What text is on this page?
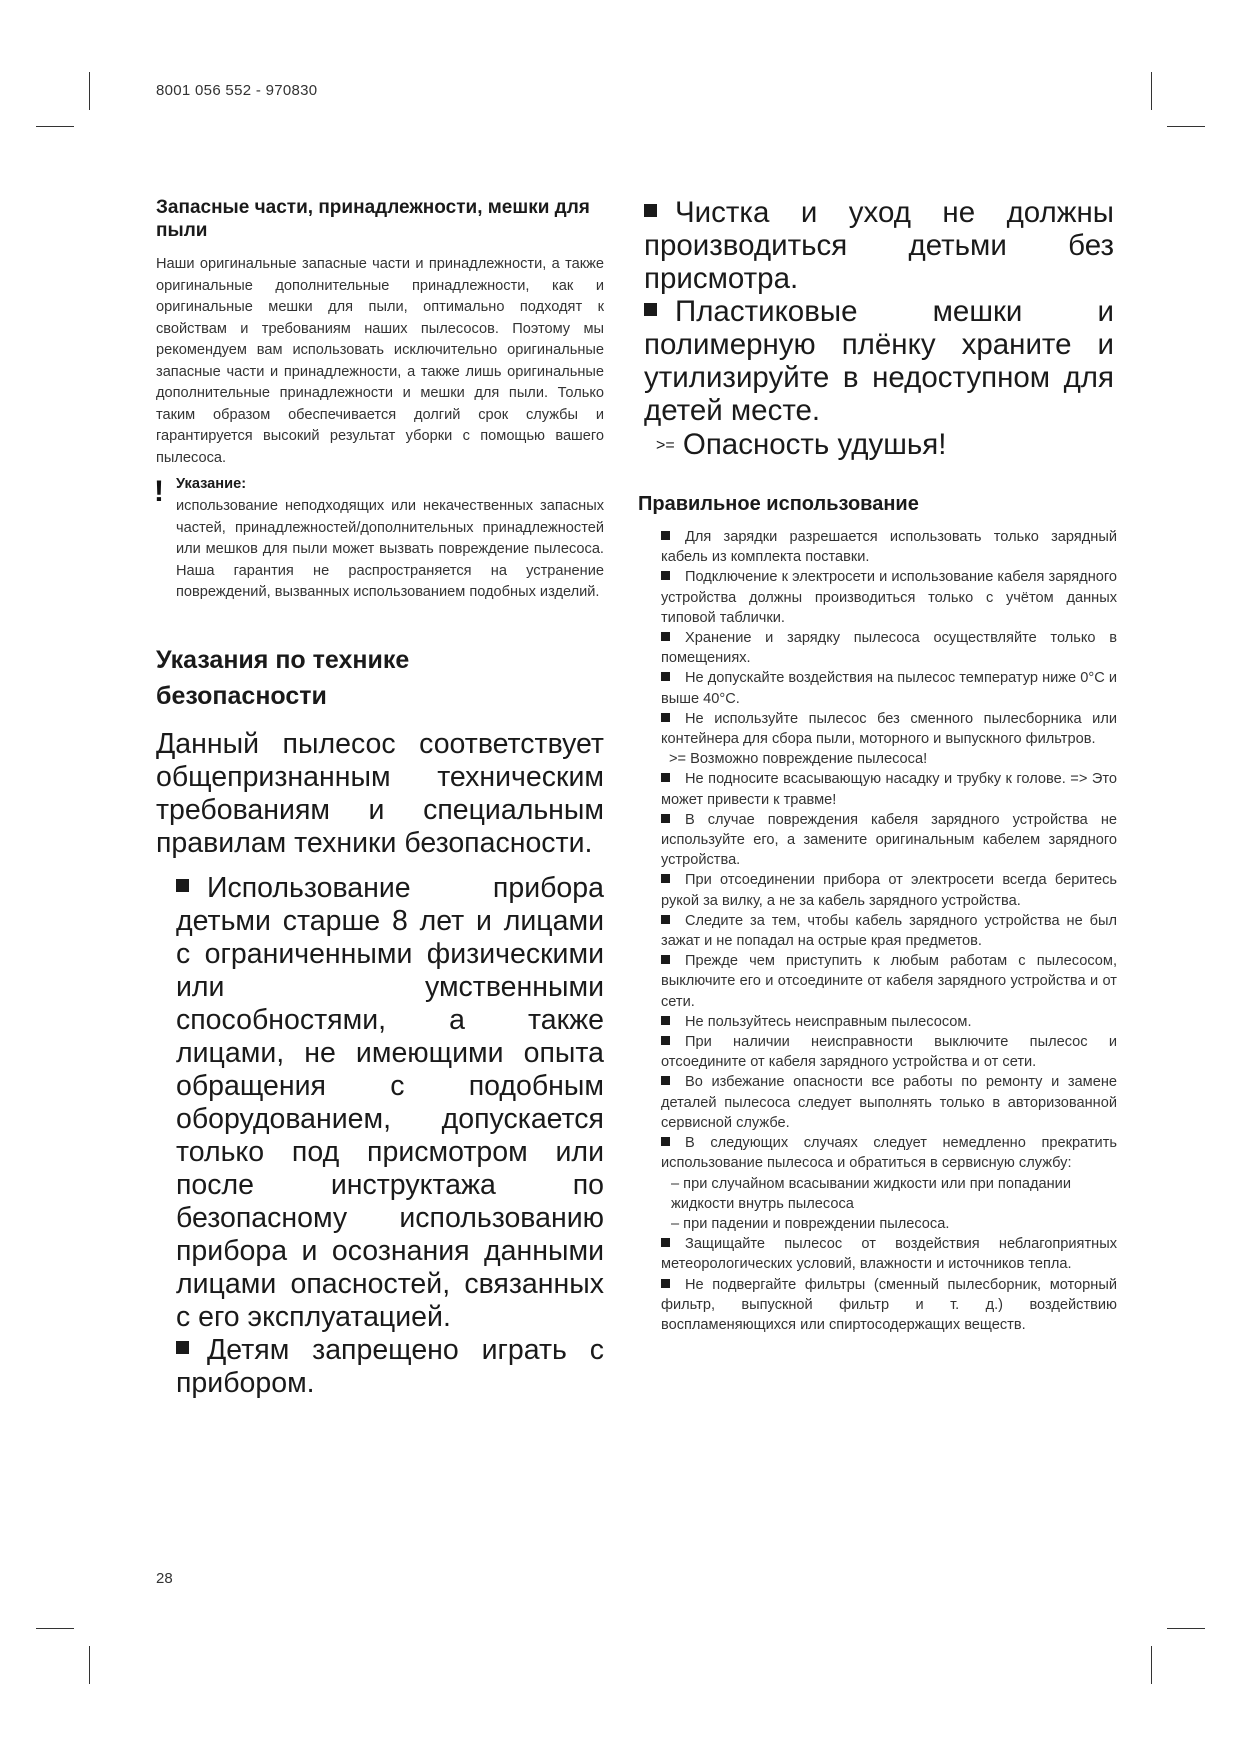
8001 056 552 - 970830
Запасные части, принадлежности, мешки для пыли

Наши оригинальные запасные части и принадлежности, а также оригинальные дополнительные принадлежности, как и оригинальные мешки для пыли, оптимально подходят к свойствам и требованиям наших пылесосов. Поэтому мы рекомендуем вам использовать исключительно оригинальные запасные части и принадлежности, а также лишь оригинальные дополнительные принадлежности и мешки для пыли. Только таким образом обеспечивается долгий срок службы и гарантируется высокий результат уборки с помощью вашего пылесоса.

! Указание:

использование неподходящих или некачественных запасных частей, принадлежностей/дополнительных принадлежностей или мешков для пыли может вызвать повреждение пылесоса. Наша гарантия не распространяется на устранение повреждений, вызванных использованием подобных изделий.

Указания по технике
безопасности

Данный пылесос соответствует общепризнанным техническим требованиям и специальным правилам техники безопасности.

Использование прибора детьми старше 8 лет и лицами с ограниченными физическими или умственными способностями, а также лицами, не имеющими опыта обращения с подобным оборудованием, допускается только под присмотром или после инструктажа по безопасному использованию прибора и осознания данными лицами опасностей, связанных с его эксплуатацией.

Детям запрещено играть с прибором.

Чистка и уход не должны производиться детьми без присмотра.

Пластиковые мешки и полимерную плёнку храните и утилизируйте в недоступном для детей месте.

>= Опасность удушья!

Правильное использование

Для зарядки разрешается использовать только зарядный кабель из комплекта поставки.

Подключение к электросети и использование кабеля зарядного устройства должны производиться только с учётом данных типовой таблички.

Хранение и зарядку пылесоса осуществляйте только в помещениях.

Не допускайте воздействия на пылесос температур ниже 0°С и выше 40°С.

Не используйте пылесос без сменного пылесборника или контейнера для сбора пыли, моторного и выпускного фильтров.

>= Возможно повреждение пылесоса!

Не подносите всасывающую насадку и трубку к голове. => Это может привести к травме!

В случае повреждения кабеля зарядного устройства не используйте его, а замените оригинальным кабелем зарядного устройства.

При отсоединении прибора от электросети всегда беритесь рукой за вилку, а не за кабель зарядного устройства.

Следите за тем, чтобы кабель зарядного устройства не был зажат и не попадал на острые края предметов.

Прежде чем приступить к любым работам с пылесосом, выключите его и отсоедините от кабеля зарядного устройства и от сети.

Не пользуйтесь неисправным пылесосом.

При наличии неисправности выключите пылесос и отсоедините от кабеля зарядного устройства и от сети.

Во избежание опасности все работы по ремонту и замене деталей пылесоса следует выполнять только в авторизованной сервисной службе.

В следующих случаях следует немедленно прекратить использование пылесоса и обратиться в сервисную службу:

– при случайном всасывании жидкости или при попадании жидкости внутрь пылесоса

– при падении и повреждении пылесоса.

Защищайте пылесос от воздействия неблагоприятных метеорологических условий, влажности и источников тепла.

Не подвергайте фильтры (сменный пылесборник, моторный фильтр, выпускной фильтр и т. д.) воздействию воспламеняющихся или спиртосодержащих веществ.

28
